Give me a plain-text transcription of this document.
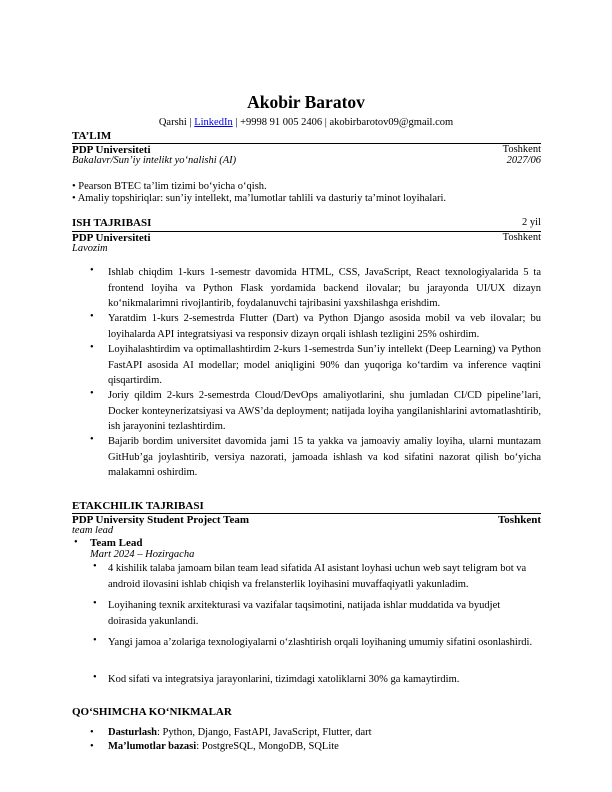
Akobir Baratov
Qarshi | LinkedIn | +9998 91 005 2406 | akobirbarotov09@gmail.com
TA’LIM
PDP Universiteti	Toshkent
Bakalavr/Sun’iy intelikt yo‘nalishi (AI)	2027/06
• Pearson BTEC ta’lim tizimi bo‘yicha o‘qish.
• Amaliy topshiriqlar: sun’iy intellekt, ma’lumotlar tahlili va dasturiy ta’minot loyihalari.
ISH TAJRIBASI	2 yil
PDP Universiteti	Toshkent
Lavozim
• Ishlab chiqdim 1-kurs 1-semestr davomida HTML, CSS, JavaScript, React texnologiyalarida 5 ta frontend loyiha va Python Flask yordamida backend ilovalar; bu jarayonda UI/UX dizayn ko‘nikmalarimni rivojlantirib, foydalanuvchi tajribasini yaxshilashga erishdim.
• Yaratdim 1-kurs 2-semestrda Flutter (Dart) va Python Django asosida mobil va veb ilovalar; bu loyihalarda API integratsiyasi va responsiv dizayn orqali ishlash tezligini 25% oshirdim.
• Loyihalashtirdim va optimallashtirdim 2-kurs 1-semestrda Sun’iy intellekt (Deep Learning) va Python FastAPI asosida AI modellar; model aniqligini 90% dan yuqoriga ko‘tardim va inference vaqtini qisqartirdim.
• Joriy qildim 2-kurs 2-semestrda Cloud/DevOps amaliyotlarini, shu jumladan CI/CD pipeline’lari, Docker konteynerizatsiyasi va AWS’da deployment; natijada loyiha yangilanishlarini avtomatlashtirib, ish jarayonini tezlashtirdim.
• Bajarib bordim universitet davomida jami 15 ta yakka va jamoaviy amaliy loyiha, ularni muntazam GitHub’ga joylashtirib, versiya nazorati, jamoada ishlash va kod sifatini nazorat qilish bo‘yicha malakamni oshirdim.
ETAKCHILIK TAJRIBASI
PDP University Student Project Team	Toshkent
team lead
• Team Lead
Mart 2024 – Hozirgacha
• 4 kishilik talaba jamoam bilan team lead sifatida AI asistant loyhasi uchun web sayt teligram bot va android ilovasini ishlab chiqish va frelansterlik loyihasini muvaffaqiyatli yakunladim.
• Loyihaning texnik arxitekturasi va vazifalar taqsimotini, natijada ishlar muddatida va byudjet doirasida yakunlandi.
• Yangi jamoa a’zolariga texnologiyalarni o‘zlashtirish orqali loyihaning umumiy sifatini osonlashirdi.
• Kod sifati va integratsiya jarayonlarini, tizimdagi xatoliklarni 30% ga kamaytirdim.
QO‘SHIMCHA KO‘NIKMALAR
• Dasturlash: Python, Django, FastAPI, JavaScript, Flutter, dart
• Ma’lumotlar bazasi: PostgreSQL, MongoDB, SQLite
